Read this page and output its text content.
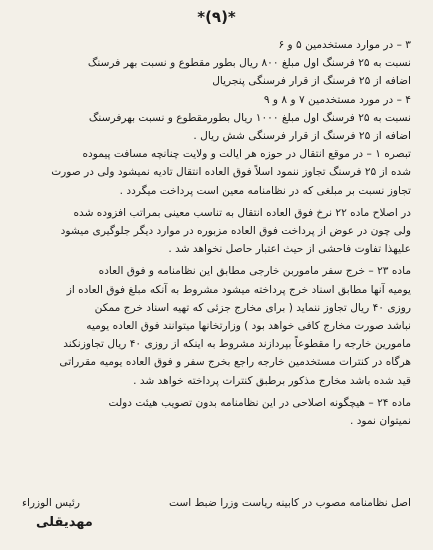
*(٩)*
٣ – در موارد مستخدمین ۵ و ۶
نسبت به ۲۵ فرسنگ اول مبلغ ۸۰۰ ریال بطور مقطوع و نسبت بهر فرسنگ
اضافه از ۲۵ فرسنگ از قرار فرسنگی پنجریال
۴ – در مورد مستخدمین ۷ و ۸ و ۹
نسبت به ۲۵ فرسنگ اول مبلغ ۱۰۰۰ ریال بطورمقطوع و نسبت بهرفرسنگ
اضافه از ۲۵ فرسنگ از قرار فرسنگی شش ریال .
تبصره ۱ – در موقع انتقال در حوزه هر ایالت و ولایت چنانچه مسافت پیموده
شده از ۲۵ فرسنگ تجاوز ننمود اسلاً فوق العاده انتقال تادیه نمیشود ولی در صورت
تجاوز نسبت بر مبلغی که در نظامنامه معین است پرداخت میگردد .
در اصلاح ماده ۲۲ نرخ فوق العاده انتقال به تناسب معینی بمراتب افزوده شده
ولی چون در عوض از پرداخت فوق العاده مزبوره در موارد دیگر جلوگیری میشود
علیهذا تفاوت فاحشی از حیث اعتبار حاصل نخواهد شد .
ماده ۲۳ – خرج سفر ماموربن خارجی مطابق این نظامنامه و فوق العاده
یومیه آنها مطابق اسناد خرج پرداخته میشود مشروط به آنکه مبلغ فوق العاده از
روزی ۴۰ ریال تجاوز ننماید ( برای مخارج جزئی که تهیه اسناد خرج ممکن
نباشد صورت مخارج کافی خواهد بود ) وزارتخانها میتوانند فوق العاده یومیه
مامورین خارجه را مقطوعاً بپردازند مشروط به اینکه از روزی ۴۰ ریال تجاوزنکند
هرگاه در کنترات مستخدمین خارجه راجع بخرج سفر و فوق العاده یومیه مقرراتی
قید شده باشد مخارج مذکور برطبق کنترات پرداخته خواهد شد .
ماده ۲۴ – هیچگونه اصلاحی در این نظامنامه بدون تصویب هیئت دولت
نمیتوان نمود .
اصل نظامنامه مصوب در کابینه ریاست وزرا ضبط است
رئیس الوزراء
مهدیقلی
